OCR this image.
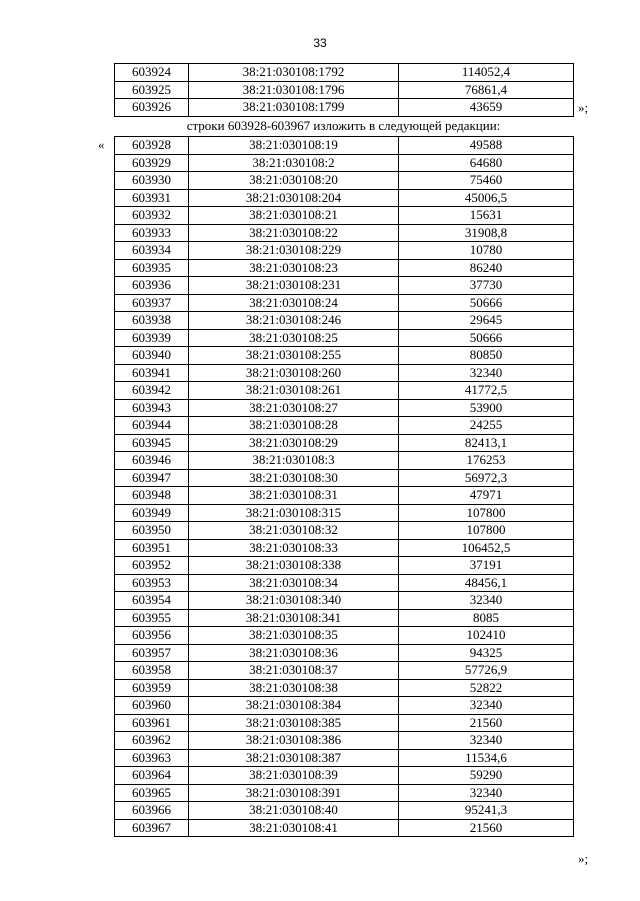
33
603924	38:21:030108:1792	114052,4
603925	38:21:030108:1796	76861,4
603926	38:21:030108:1799	43659	»;
строки 603928-603967 изложить в следующей редакции:
« 603928	38:21:030108:19	49588
603929	38:21:030108:2	64680
603930	38:21:030108:20	75460
603931	38:21:030108:204	45006,5
603932	38:21:030108:21	15631
603933	38:21:030108:22	31908,8
603934	38:21:030108:229	10780
603935	38:21:030108:23	86240
603936	38:21:030108:231	37730
603937	38:21:030108:24	50666
603938	38:21:030108:246	29645
603939	38:21:030108:25	50666
603940	38:21:030108:255	80850
603941	38:21:030108:260	32340
603942	38:21:030108:261	41772,5
603943	38:21:030108:27	53900
603944	38:21:030108:28	24255
603945	38:21:030108:29	82413,1
603946	38:21:030108:3	176253
603947	38:21:030108:30	56972,3
603948	38:21:030108:31	47971
603949	38:21:030108:315	107800
603950	38:21:030108:32	107800
603951	38:21:030108:33	106452,5
603952	38:21:030108:338	37191
603953	38:21:030108:34	48456,1
603954	38:21:030108:340	32340
603955	38:21:030108:341	8085
603956	38:21:030108:35	102410
603957	38:21:030108:36	94325
603958	38:21:030108:37	57726,9
603959	38:21:030108:38	52822
603960	38:21:030108:384	32340
603961	38:21:030108:385	21560
603962	38:21:030108:386	32340
603963	38:21:030108:387	11534,6
603964	38:21:030108:39	59290
603965	38:21:030108:391	32340
603966	38:21:030108:40	95241,3
603967	38:21:030108:41	21560
»;
